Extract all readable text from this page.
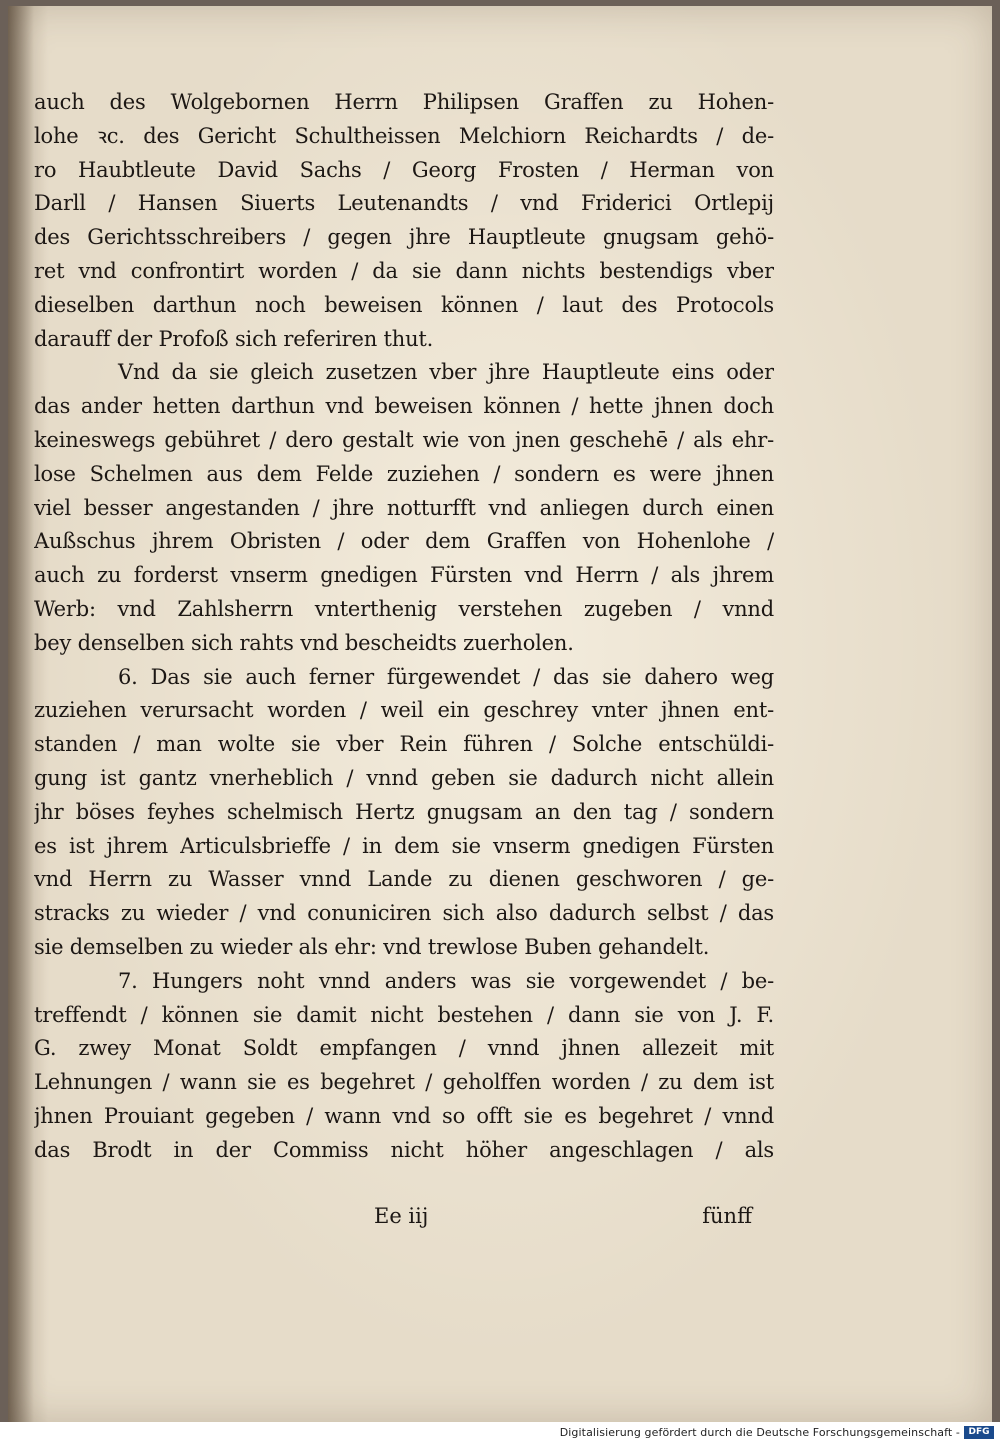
auch des Wolgebornen Herrn Philipsen Graffen zu Hohen-
lohe ꝛc. des Gericht Schultheissen Melchiorn Reichardts / de-
ro Haubtleute David Sachs / Georg Frosten / Herman von
Darll / Hansen Siuerts Leutenandts / vnd Friderici Ortlepij
des Gerichtsschreibers / gegen jhre Hauptleute gnugsam gehö-
ret vnd confrontirt worden / da sie dann nichts bestendigs vber
dieselben darthun noch beweisen können / laut des Protocols
darauff der Profoß sich referiren thut.
Vnd da sie gleich zusetzen vber jhre Hauptleute eins oder
das ander hetten darthun vnd beweisen können / hette jhnen doch
keineswegs gebühret / dero gestalt wie von jnen geschehē / als ehr-
lose Schelmen aus dem Felde zuziehen / sondern es were jhnen
viel besser angestanden / jhre notturfft vnd anliegen durch einen
Außschus jhrem Obristen / oder dem Graffen von Hohenlohe /
auch zu forderst vnserm gnedigen Fürsten vnd Herrn / als jhrem
Werb: vnd Zahlsherrn vnterthenig verstehen zugeben / vnnd
bey denselben sich rahts vnd bescheidts zuerholen.
6. Das sie auch ferner fürgewendet / das sie dahero weg
zuziehen verursacht worden / weil ein geschrey vnter jhnen ent-
standen / man wolte sie vber Rein führen / Solche entschüldi-
gung ist gantz vnerheblich / vnnd geben sie dadurch nicht allein
jhr böses feyhes schelmisch Hertz gnugsam an den tag / sondern
es ist jhrem Articulsbrieffe / in dem sie vnserm gnedigen Fürsten
vnd Herrn zu Wasser vnnd Lande zu dienen geschworen / ge-
stracks zu wieder / vnd conuniciren sich also dadurch selbst / das
sie demselben zu wieder als ehr: vnd trewlose Buben gehandelt.
7. Hungers noht vnnd anders was sie vorgewendet / be-
treffendt / können sie damit nicht bestehen / dann sie von J. F.
G. zwey Monat Soldt empfangen / vnnd jhnen allezeit mit
Lehnungen / wann sie es begehret / geholffen worden / zu dem ist
jhnen Prouiant gegeben / wann vnd so offt sie es begehret / vnnd
das Brodt in der Commiss nicht höher angeschlagen / als
Ee iij	fünff
Digitalisierung gefördert durch die Deutsche Forschungsgemeinschaft - DFG
